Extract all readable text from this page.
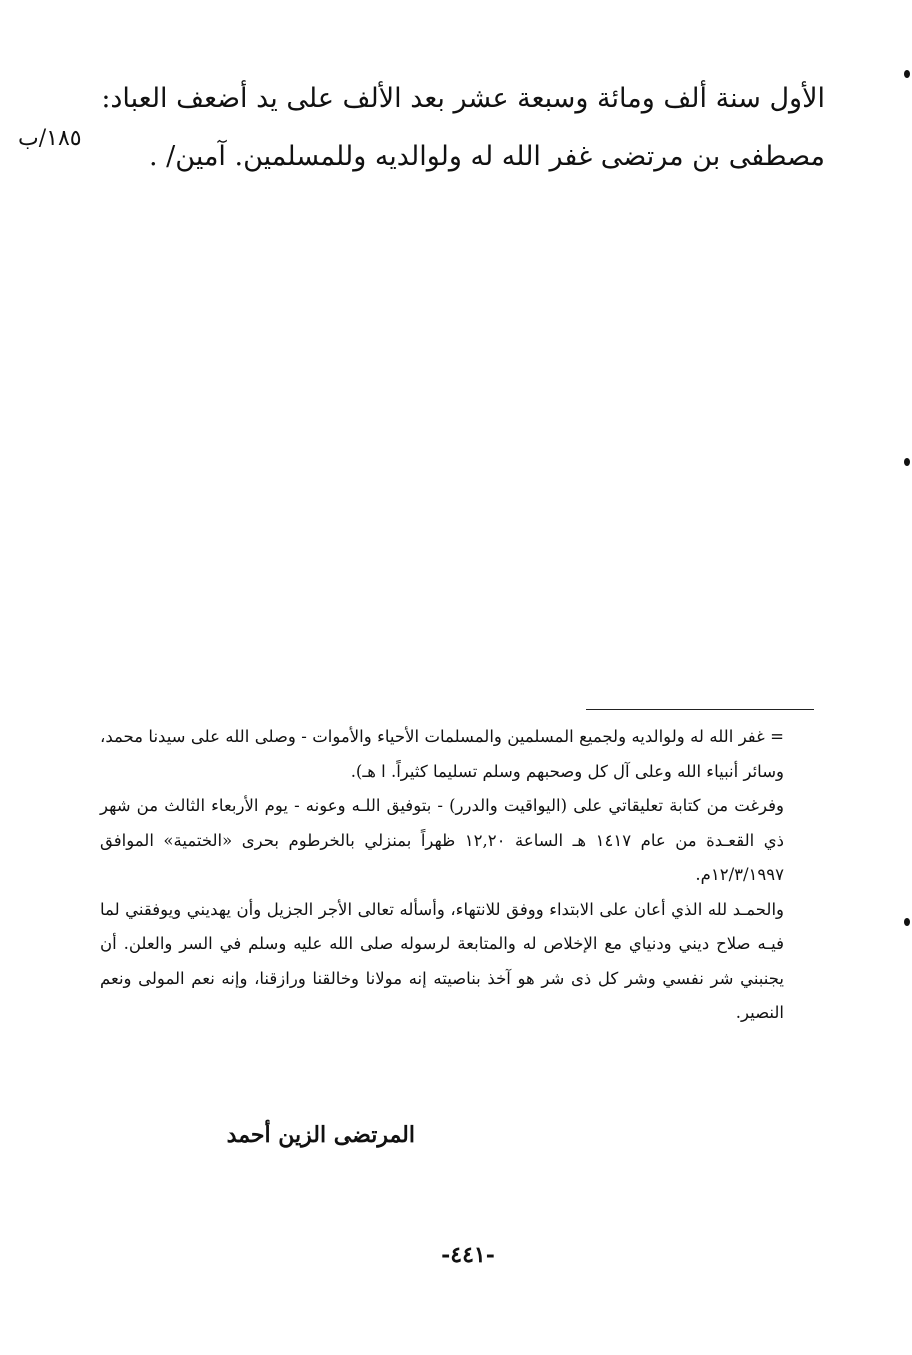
الأول سنة ألف ومائة وسبعة عشر بعد الألف على يد أضعف العباد:
مصطفى بن مرتضى غفر الله له ولوالديه وللمسلمين. آمين/ .
١٨٥/ب

= غفر الله له ولوالديه ولجميع المسلمين والمسلمات الأحياء والأموات - وصلى الله على سيدنا محمد، وسائر أنبياء الله وعلى آل كل وصحبهم وسلم تسليما كثيراً. ا هـ).

وفرغت من كتابة تعليقاتي على (اليواقيت والدرر) - بتوفيق اللـه وعونه - يوم الأربعاء الثالث من شهر ذي القعـدة من عام ١٤١٧ هـ الساعة ١٢,٢٠ ظهراً بمنزلي بالخرطوم بحرى «الختمية» الموافق ١٢/٣/١٩٩٧م.

والحمـد لله الذي أعان على الابتداء ووفق للانتهاء، وأسأله تعالى الأجر الجزيل وأن يهديني ويوفقني لما فيـه صلاح ديني ودنياي مع الإخلاص له والمتابعة لرسوله صلى الله عليه وسلم في السر والعلن. أن يجنبني شر نفسي وشر كل ذى شر هو آخذ بناصيته إنه مولانا وخالقنا ورازقنا، وإنه نعم المولى ونعم النصير.

المرتضى الزين أحمد
-٤٤١-
